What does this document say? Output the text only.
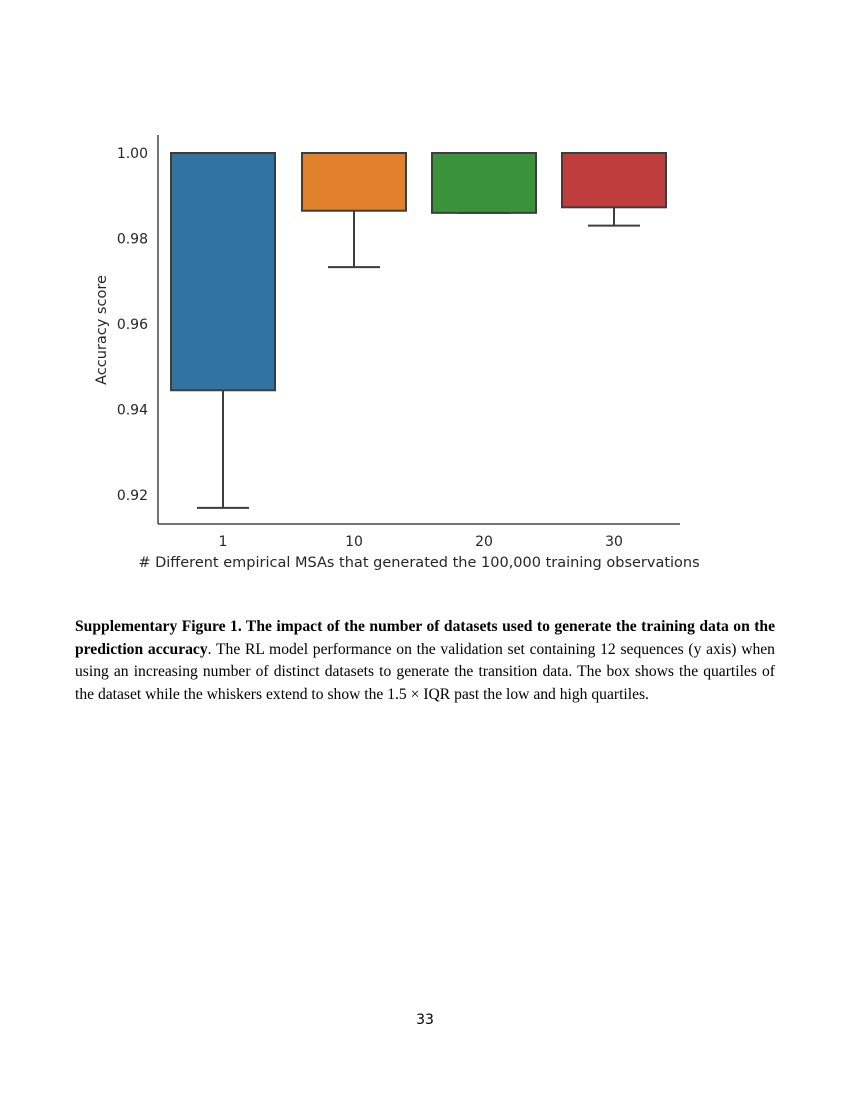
0.92
0.94
0.96
0.98
1.00
1	10	20	30
Accuracy score
# Different empirical MSAs that generated the 100,000 training observations

Supplementary Figure 1. The impact of the number of datasets used to generate the training data on the prediction accuracy. The RL model performance on the validation set containing 12 sequences (y axis) when using an increasing number of distinct datasets to generate the transition data. The box shows the quartiles of the dataset while the whiskers extend to show the 1.5 × IQR past the low and high quartiles.

33
